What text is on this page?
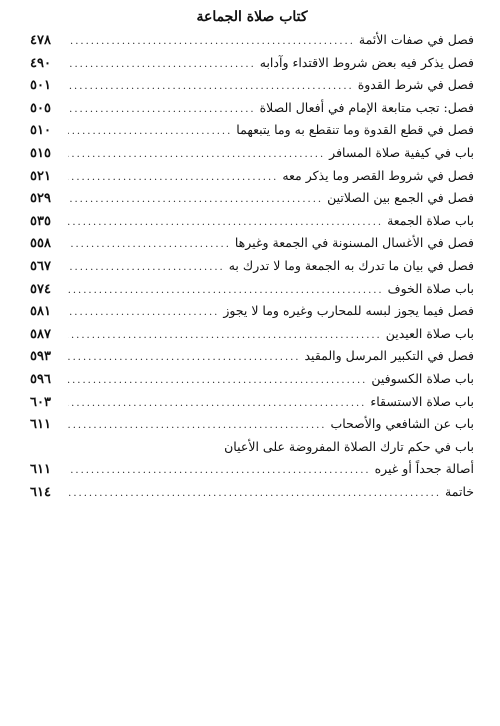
كتاب صلاة الجماعة
فصل في صفات الأئمة
.....
٤٧٨
فصل يذكر فيه بعض شروط الاقتداء وآدابه
.....
٤٩٠
فصل في شرط القدوة
.....
٥٠١
فصل: تجب متابعة الإمام في أفعال الصلاة
.....
٥٠٥
فصل في قطع القدوة وما تنقطع به وما يتبعهما
.....
٥١٠
باب في كيفية صلاة المسافر
.....
٥١٥
فصل في شروط القصر وما يذكر معه
.....
٥٢١
فصل في الجمع بين الصلاتين
.....
٥٢٩
باب صلاة الجمعة
.....
٥٣٥
فصل في الأغسال المسنونة في الجمعة وغيرها
.....
٥٥٨
فصل في بيان ما تدرك به الجمعة وما لا تدرك به
.....
٥٦٧
باب صلاة الخوف
.....
٥٧٤
فصل فيما يجوز لبسه للمحارب وغيره وما لا يجوز
.....
٥٨١
باب صلاة العيدين
.....
٥٨٧
فصل في التكبير المرسل والمقيد
.....
٥٩٣
باب صلاة الكسوفين
.....
٥٩٦
باب صلاة الاستسقاء
.....
٦٠٣
باب عن الشافعي والأصحاب
.....
٦١١
باب في حكم تارك الصلاة المفروضة على الأعيان
أصالة جحداً أو غيره
.....
٦١١
خاتمة
.....
٦١٤
